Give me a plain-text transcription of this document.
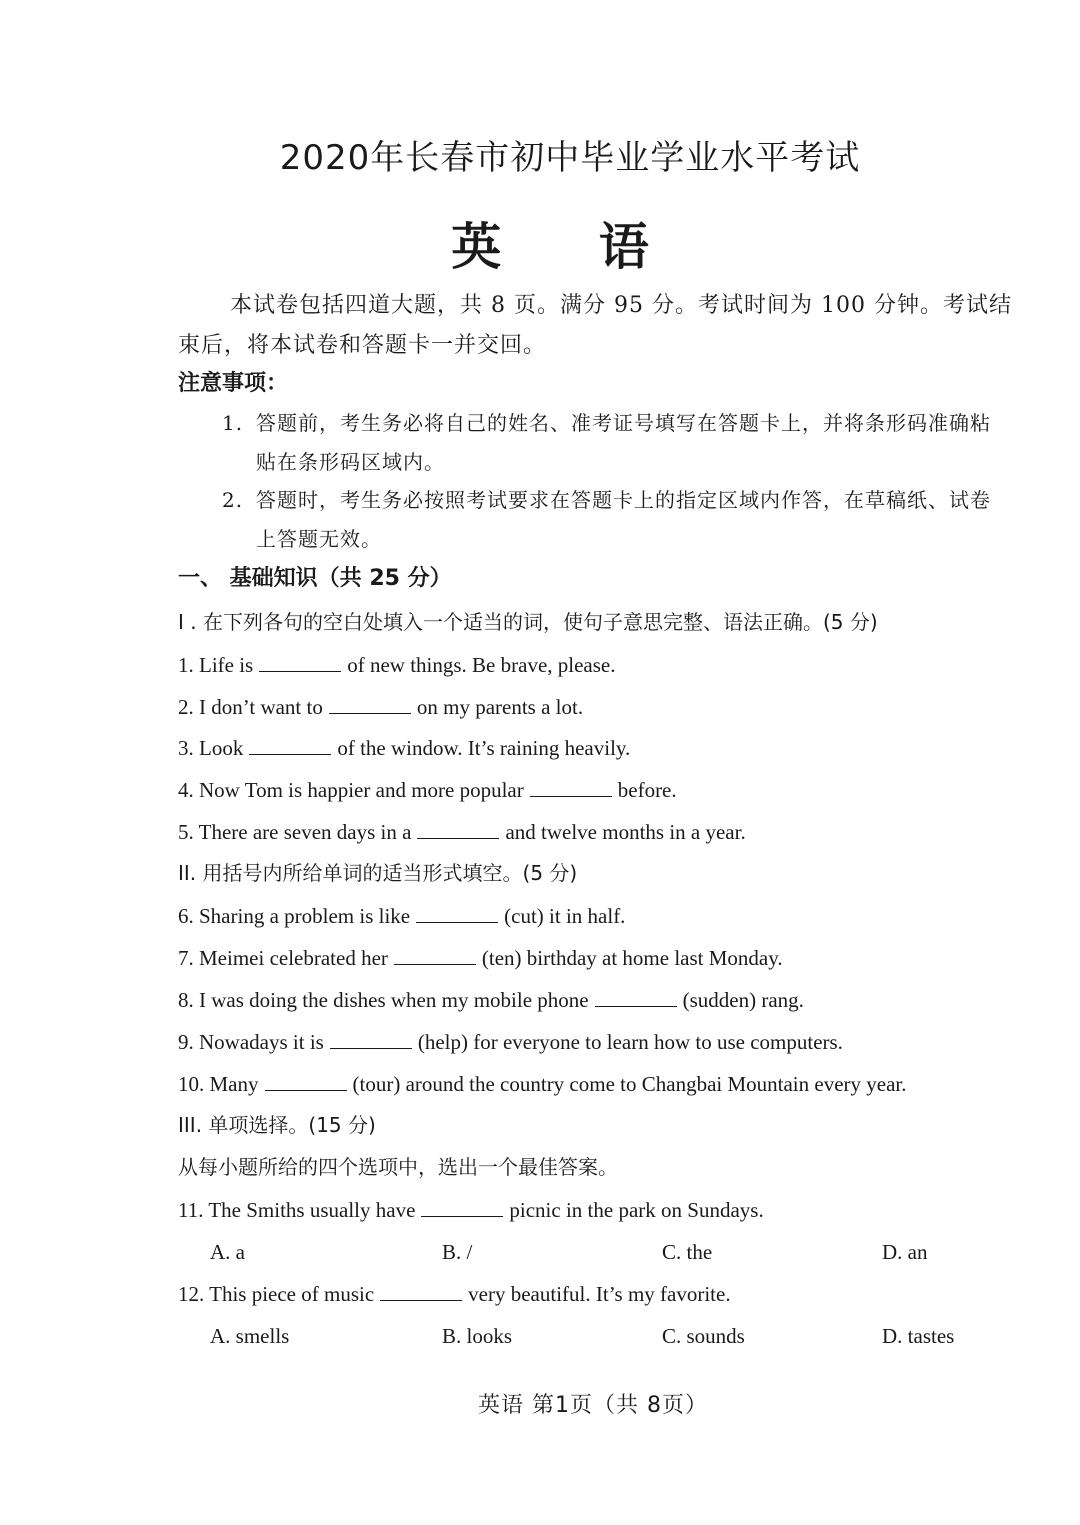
2020年长春市初中毕业学业水平考试
英 语
本试卷包括四道大题，共 8 页。满分 95 分。考试时间为 100 分钟。考试结束后，将本试卷和答题卡一并交回。
注意事项：
1. 答题前，考生务必将自己的姓名、准考证号填写在答题卡上，并将条形码准确粘
贴在条形码区域内。
2. 答题时，考生务必按照考试要求在答题卡上的指定区域内作答，在草稿纸、试卷
上答题无效。
一、 基础知识（共 25 分）
I . 在下列各句的空白处填入一个适当的词，使句子意思完整、语法正确。(5 分)
1. Life is	of new things. Be brave, please.
2. I don’t want to	on my parents a lot.
3. Look	of the window. It’s raining heavily.
4. Now Tom is happier and more popular	before.
5. There are seven days in a	and twelve months in a year.
II. 用括号内所给单词的适当形式填空。(5 分)
6. Sharing a problem is like	(cut) it in half.
7. Meimei celebrated her	(ten) birthday at home last Monday.
8. I was doing the dishes when my mobile phone	(sudden) rang.
9. Nowadays it is	(help) for everyone to learn how to use computers.
10. Many	(tour) around the country come to Changbai Mountain every year.
III. 单项选择。(15 分)
从每小题所给的四个选项中，选出一个最佳答案。
11. The Smiths usually have	picnic in the park on Sundays.
A. a	B. /	C. the	D. an
12. This piece of music	very beautiful. It’s my favorite.
A. smells	B. looks	C. sounds	D. tastes
英语 第1页（共 8页）
